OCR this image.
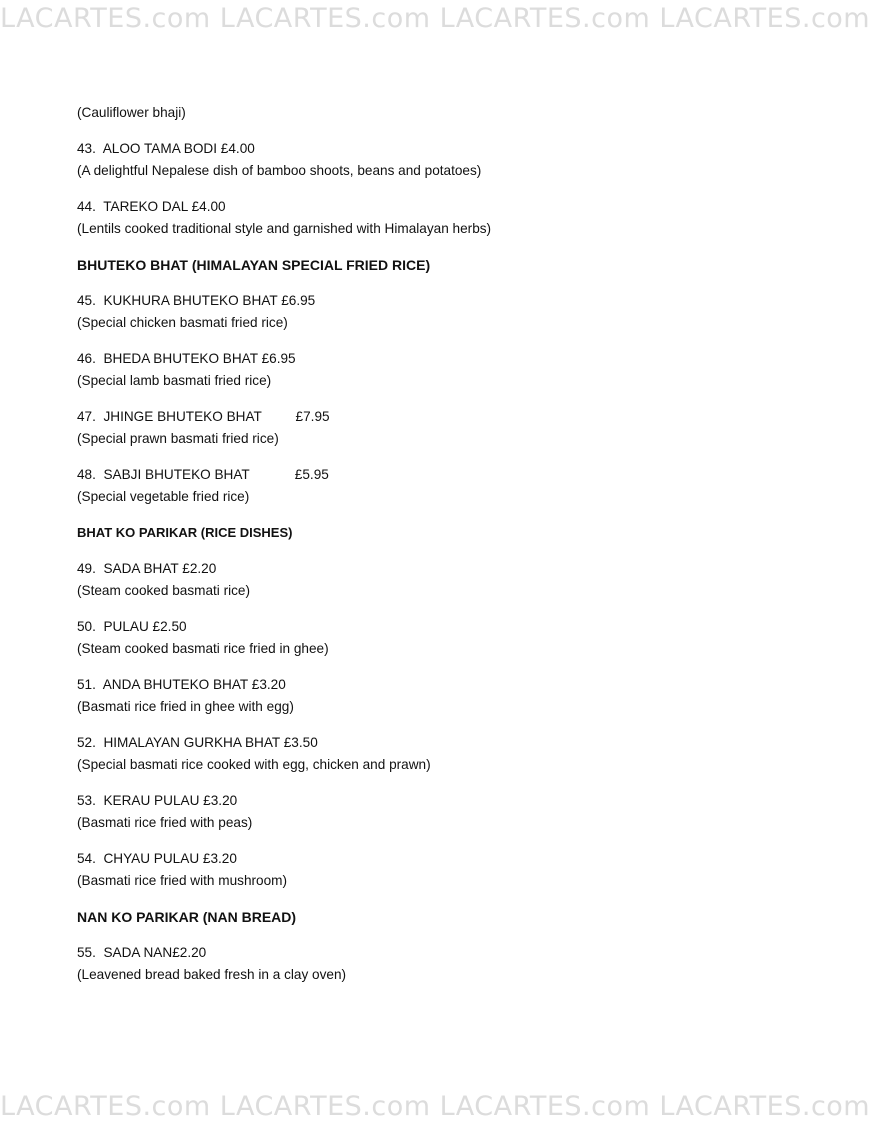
LACARTES.com LACARTES.com LACARTES.com LACARTES.com
(Cauliflower bhaji)
43.  ALOO TAMA BODI £4.00
(A delightful Nepalese dish of bamboo shoots, beans and potatoes)
44.  TAREKO DAL £4.00
(Lentils cooked traditional style and garnished with Himalayan herbs)
BHUTEKO BHAT (HIMALAYAN SPECIAL FRIED RICE)
45.  KUKHURA BHUTEKO BHAT £6.95
(Special chicken basmati fried rice)
46.  BHEDA BHUTEKO BHAT £6.95
(Special lamb basmati fried rice)
47.  JHINGE BHUTEKO BHAT         £7.95
(Special prawn basmati fried rice)
48.  SABJI BHUTEKO BHAT            £5.95
(Special vegetable fried rice)
BHAT KO PARIKAR (RICE DISHES)
49.  SADA BHAT £2.20
(Steam cooked basmati rice)
50.  PULAU £2.50
(Steam cooked basmati rice fried in ghee)
51.  ANDA BHUTEKO BHAT £3.20
(Basmati rice fried in ghee with egg)
52.  HIMALAYAN GURKHA BHAT £3.50
(Special basmati rice cooked with egg, chicken and prawn)
53.  KERAU PULAU £3.20
(Basmati rice fried with peas)
54.  CHYAU PULAU £3.20
(Basmati rice fried with mushroom)
NAN KO PARIKAR (NAN BREAD)
55.  SADA NAN£2.20
(Leavened bread baked fresh in a clay oven)
LACARTES.com LACARTES.com LACARTES.com LACARTES.com
